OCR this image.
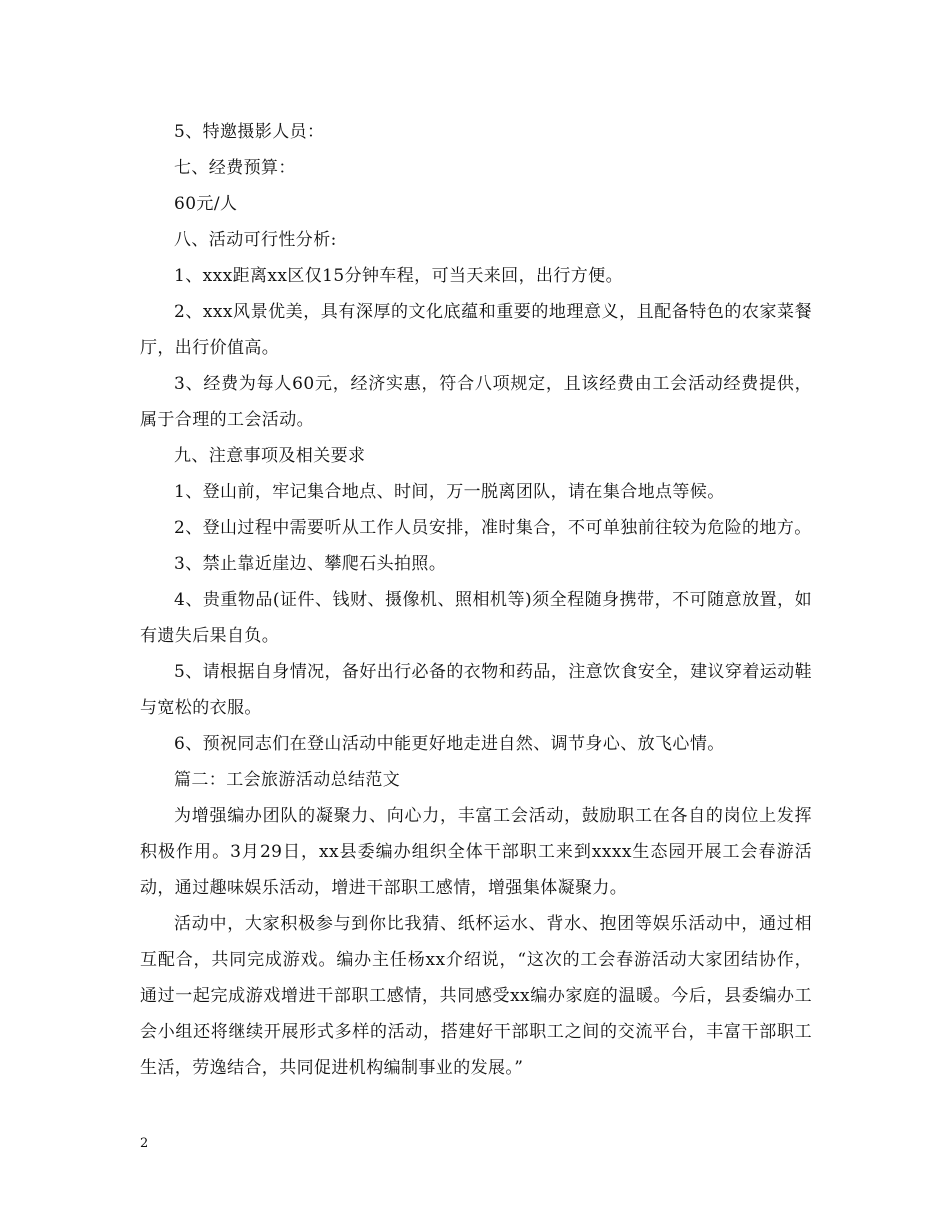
5、特邀摄影人员：

七、经费预算：

60元/人

八、活动可行性分析:

1、xxx距离xx区仅15分钟车程，可当天来回，出行方便。

2、xxx风景优美，具有深厚的文化底蕴和重要的地理意义，且配备特色的农家菜餐厅，出行价值高。

3、经费为每人60元，经济实惠，符合八项规定，且该经费由工会活动经费提供，属于合理的工会活动。

九、注意事项及相关要求

1、登山前，牢记集合地点、时间，万一脱离团队，请在集合地点等候。

2、登山过程中需要听从工作人员安排，准时集合，不可单独前往较为危险的地方。

3、禁止靠近崖边、攀爬石头拍照。

4、贵重物品(证件、钱财、摄像机、照相机等)须全程随身携带，不可随意放置，如有遗失后果自负。

5、请根据自身情况，备好出行必备的衣物和药品，注意饮食安全，建议穿着运动鞋与宽松的衣服。

6、预祝同志们在登山活动中能更好地走进自然、调节身心、放飞心情。

篇二：工会旅游活动总结范文

为增强编办团队的凝聚力、向心力，丰富工会活动，鼓励职工在各自的岗位上发挥积极作用。3月29日，xx县委编办组织全体干部职工来到xxxx生态园开展工会春游活动，通过趣味娱乐活动，增进干部职工感情，增强集体凝聚力。

活动中，大家积极参与到你比我猜、纸杯运水、背水、抱团等娱乐活动中，通过相互配合，共同完成游戏。编办主任杨xx介绍说，“这次的工会春游活动大家团结协作，通过一起完成游戏增进干部职工感情，共同感受xx编办家庭的温暖。今后，县委编办工会小组还将继续开展形式多样的活动，搭建好干部职工之间的交流平台，丰富干部职工生活，劳逸结合，共同促进机构编制事业的发展。”

2
